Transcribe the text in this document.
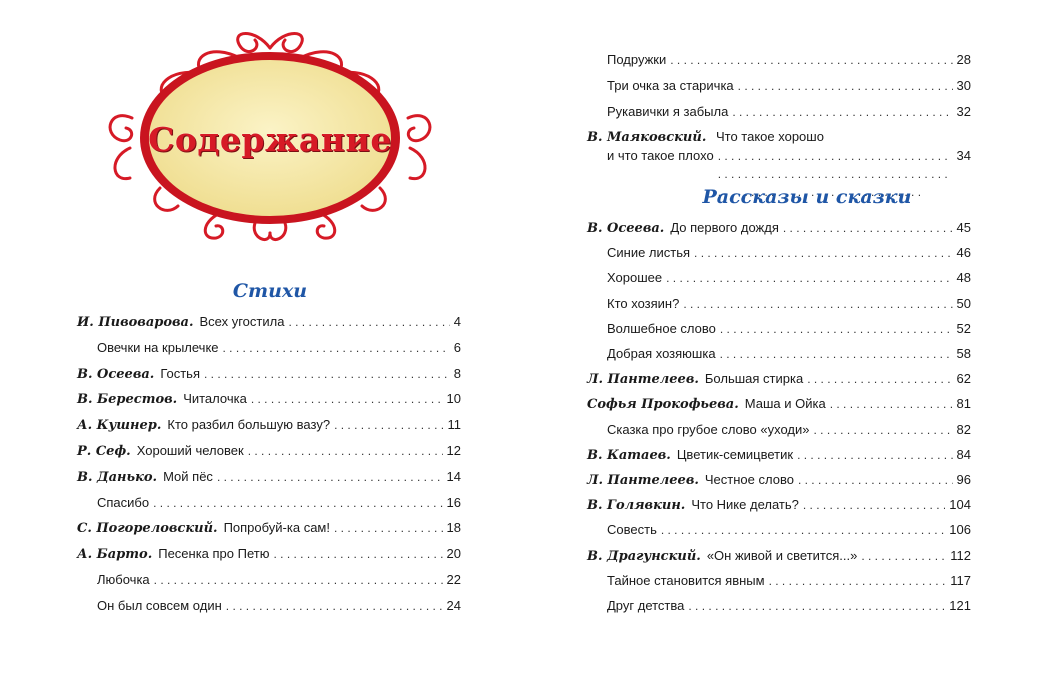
Содержание
Стихи
И. Пивоварова. Всех угостила . . .	4
Овечки на крылечке . . .	6
В. Осеева. Гостья . . .	8
В. Берестов. Читалочка . . .	10
А. Кушнер. Кто разбил большую вазу? . . .	11
Р. Сеф. Хороший человек . . .	12
В. Данько. Мой пёс . . .	14
Спасибо . . .	16
С. Погореловский. Попробуй-ка сам! . . .	18
А. Барто. Песенка про Петю . . .	20
Любочка . . .	22
Он был совсем один . . .	24
Подружки . . .	28
Три очка за старичка . . .	30
Рукавички я забыла . . .	32
В. Маяковский. Что такое хорошо
и что такое плохо . . .	34
Рассказы и сказки
В. Осеева. До первого дождя . . .	45
Синие листья . . .	46
Хорошее . . .	48
Кто хозяин? . . .	50
Волшебное слово . . .	52
Добрая хозяюшка . . .	58
Л. Пантелеев. Большая стирка . . .	62
Софья Прокофьева. Маша и Ойка . . .	81
Сказка про грубое слово «уходи» . . .	82
В. Катаев. Цветик-семицветик . . .	84
Л. Пантелеев. Честное слово . . .	96
В. Голявкин. Что Нике делать? . . .	104
Совесть . . .	106
В. Драгунский. «Он живой и светится...» . . .	112
Тайное становится явным . . .	117
Друг детства . . .	121
